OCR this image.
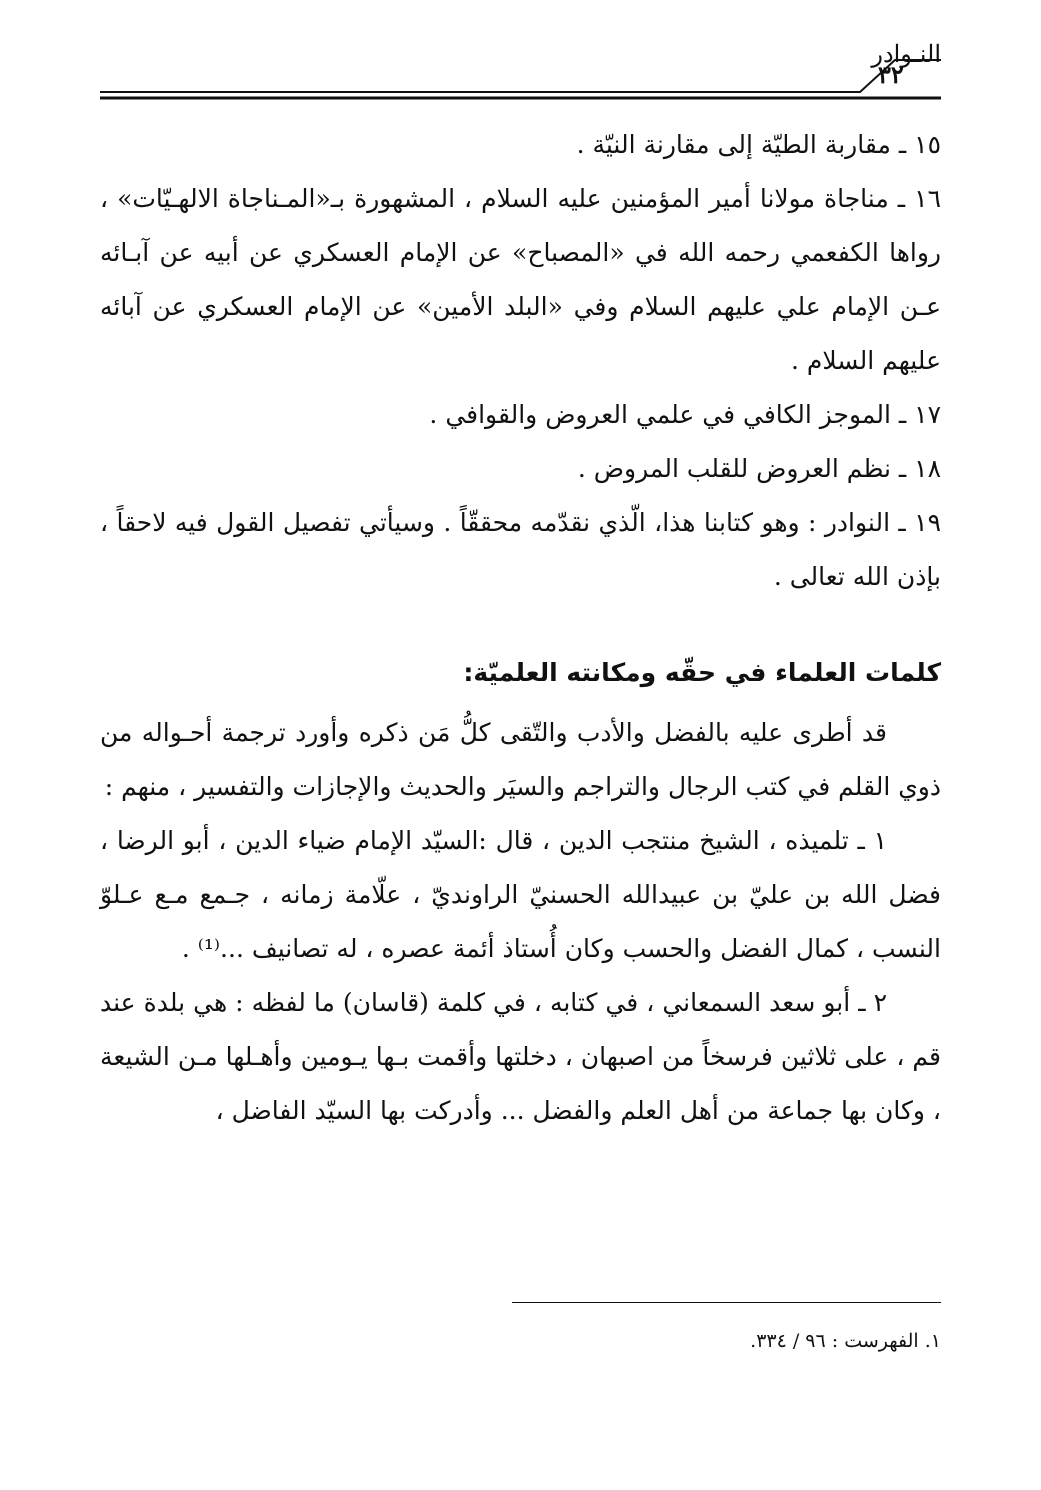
النـوادر
٣٢

١٥ ـ مقاربة الطيّة إلى مقارنة النيّة .

١٦ ـ مناجاة مولانا أمير المؤمنين عليه السلام ، المشهورة بـ«المـناجاة الالهـيّات» ، رواها الكفعمي رحمه الله في «المصباح» عن الإمام العسكري عن أبيه عن آبـائه عـن الإمام علي عليهم السلام وفي «البلد الأمين» عن الإمام العسكري عن آبائه عليهم السلام .

١٧ ـ الموجز الكافي في علمي العروض والقوافي .

١٨ ـ نظم العروض للقلب المروض .

١٩ ـ النوادر : وهو كتابنا هذا، الّذي نقدّمه محققّاً . وسيأتي تفصيل القول فيه لاحقاً ، بإذن الله تعالى .

كلمات العلماء في حقّه ومكانته العلميّة:

قد أطرى عليه بالفضل والأدب والتّقى كلُّ مَن ذكره وأورد ترجمة أحـواله من ذوي القلم في كتب الرجال والتراجم والسيَر والحديث والإجازات والتفسير ، منهم :

١ ـ تلميذه ، الشيخ منتجب الدين ، قال :السيّد الإمام ضياء الدين ، أبو الرضا ، فضل الله بن عليّ بن عبيدالله الحسنيّ الراونديّ ، علّامة زمانه ، جـمع مـع عـلوّ النسب ، كمال الفضل والحسب وكان أُستاذ أئمة عصره ، له تصانيف ...⁽¹⁾ .

٢ ـ أبو سعد السمعاني ، في كتابه ، في كلمة (قاسان) ما لفظه : هي بلدة عند قم ، على ثلاثين فرسخاً من اصبهان ، دخلتها وأقمت بـها يـومين وأهـلها مـن الشيعة ، وكان بها جماعة من أهل العلم والفضل ... وأدركت بها السيّد الفاضل ،

١. الفهرست : ٩٦ / ٣٣٤.
